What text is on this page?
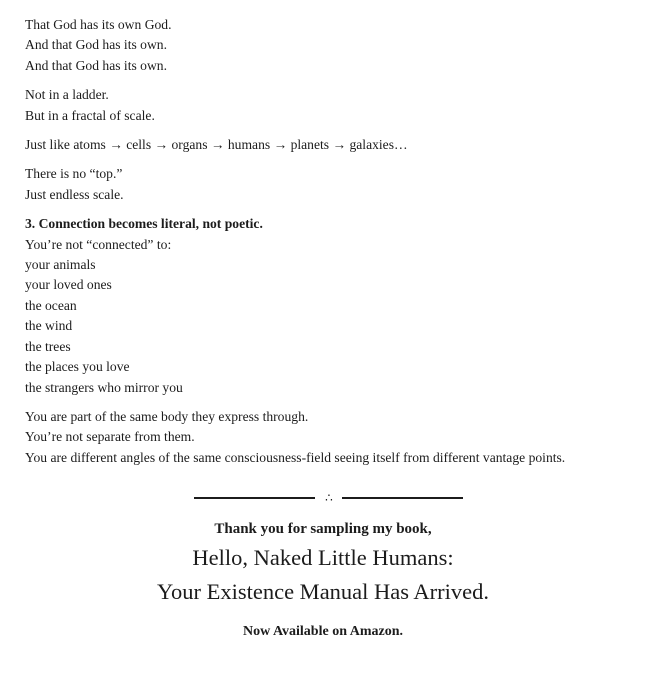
That God has its own God.
And that God has its own.
And that God has its own.
Not in a ladder.
But in a fractal of scale.
Just like atoms → cells → organs → humans → planets → galaxies…
There is no “top.”
Just endless scale.
3. Connection becomes literal, not poetic.
You’re not “connected” to:
your animals
your loved ones
the ocean
the wind
the trees
the places you love
the strangers who mirror you
You are part of the same body they express through.
You’re not separate from them.
You are different angles of the same consciousness-field seeing itself from different vantage points.
∴
Thank you for sampling my book,
Hello, Naked Little Humans:
Your Existence Manual Has Arrived.
Now Available on Amazon.
